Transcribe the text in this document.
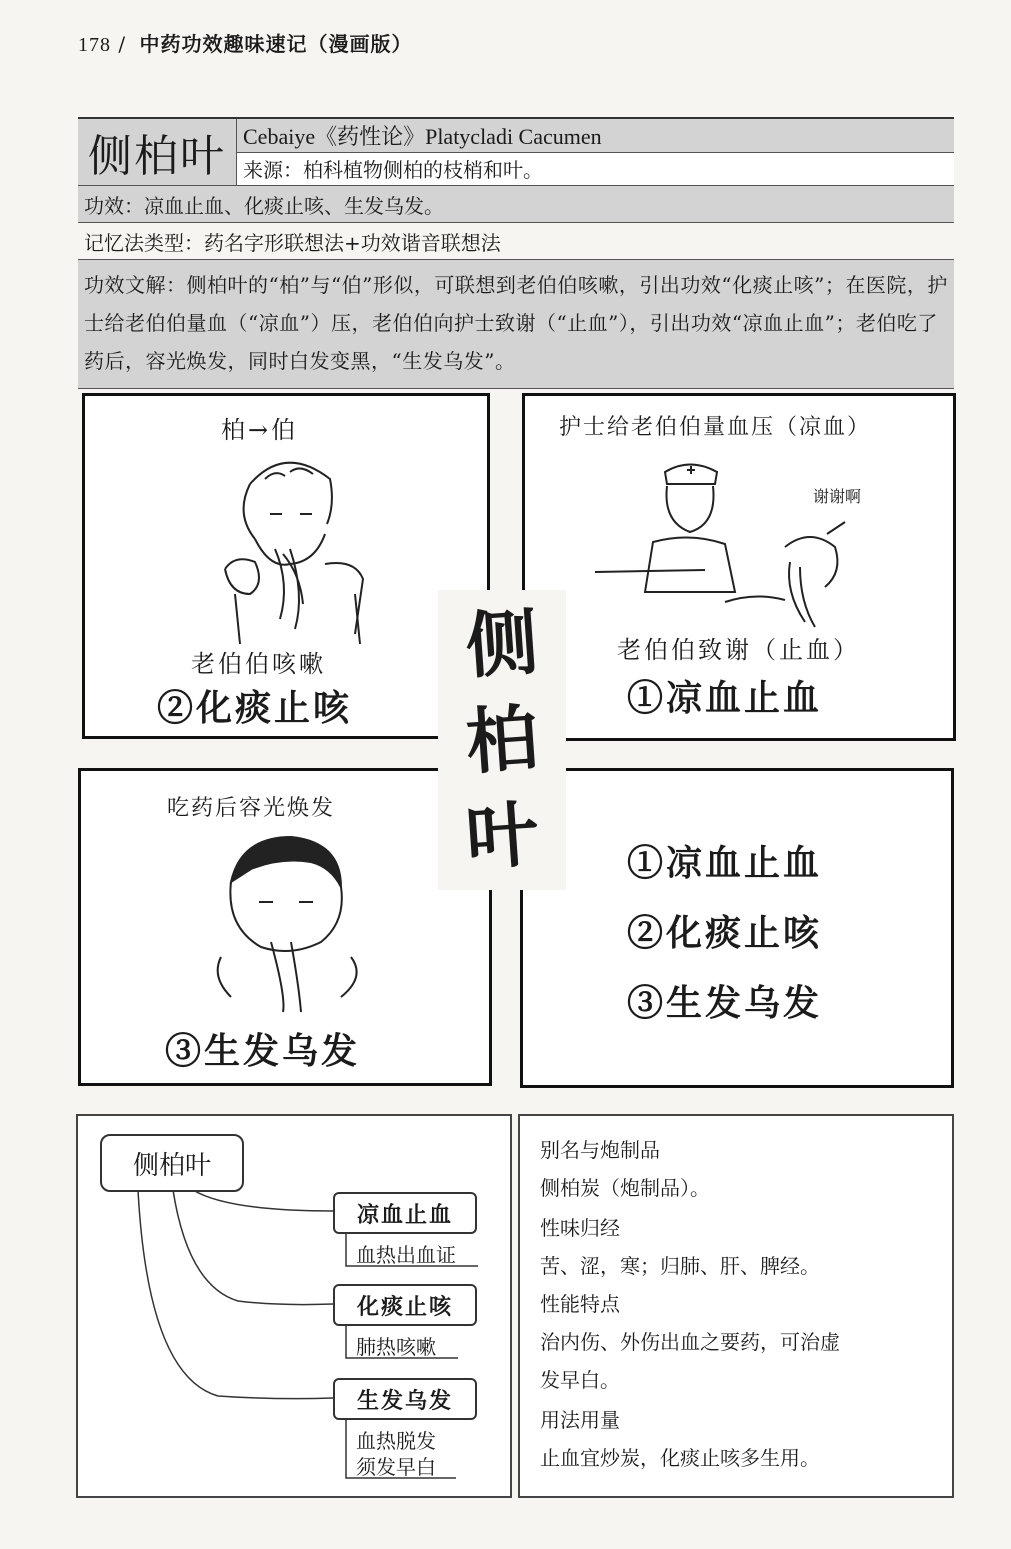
178 / 中药功效趣味速记（漫画版）
侧柏叶 Cebaiye《药性论》Platycladi Cacumen
来源：柏科植物侧柏的枝梢和叶。
功效：凉血止血、化痰止咳、生发乌发。
记忆法类型：药名字形联想法+功效谐音联想法
功效文解：侧柏叶的“柏”与“伯”形似，可联想到老伯伯咳嗽，引出功效“化痰止咳”；在医院，护士给老伯伯量血（“凉血”）压，老伯伯向护士致谢（“止血”），引出功效“凉血止血”；老伯吃了药后，容光焕发，同时白发变黑，“生发乌发”。
柏→伯
老伯伯咳嗽
②化痰止咳
护士给老伯伯量血压（凉血）
谢谢啊
老伯伯致谢（止血）
①凉血止血
吃药后容光焕发
③生发乌发
①凉血止血
②化痰止咳
③生发乌发
侧
柏
叶
侧柏叶
凉血止血
血热出血证
化痰止咳
肺热咳嗽
生发乌发
血热脱发
须发早白
别名与炮制品
侧柏炭（炮制品）。
性味归经
苦、涩，寒；归肺、肝、脾经。
性能特点
治内伤、外伤出血之要药，可治虚
发早白。
用法用量
止血宜炒炭，化痰止咳多生用。
